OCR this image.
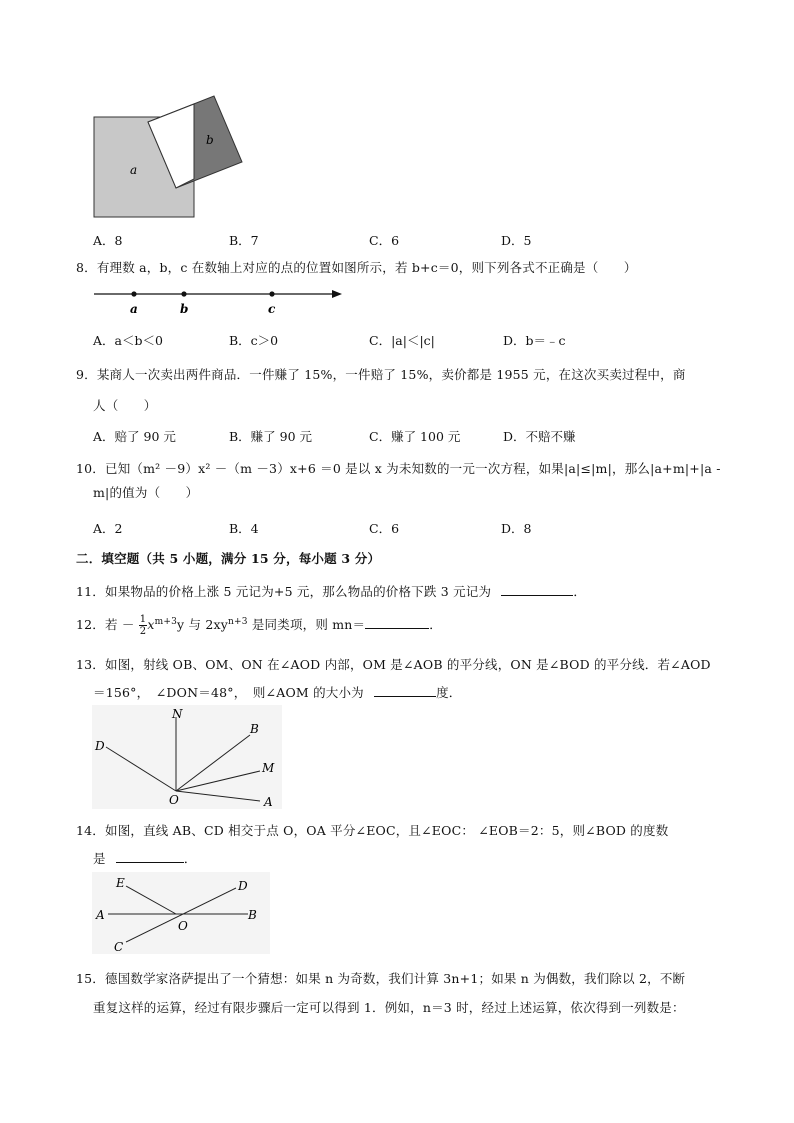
a
b
A．8	B．7	C．6	D．5
8．有理数 a，b，c 在数轴上对应的点的位置如图所示，若 b+c＝0，则下列各式不正确是（　　）
a	b	c
A．a＜b＜0	B．c＞0	C．|a|＜|c|	D．b＝﹣c
9．某商人一次卖出两件商品．一件赚了 15%，一件赔了 15%，卖价都是 1955 元，在这次买卖过程中，商
人（　　）
A．赔了 90 元	B．赚了 90 元	C．赚了 100 元	D．不赔不赚
10．已知（m² －9）x² －（m －3）x+6 ＝0 是以 x 为未知数的一元一次方程，如果|a|≤|m|，那么|a+m|+|a -
m|的值为（　　）
A．2	B．4	C．6	D．8
二．填空题（共 5 小题，满分 15 分，每小题 3 分）
11．如果物品的价格上涨 5 元记为+5 元，那么物品的价格下跌 3 元记为	．
12．若 － $\frac{1}{2} x^{m+3}y$ 与 $2xy^{n+3}$ 是同类项，则 mn＝	．
13．如图，射线 OB、OM、ON 在∠AOD 内部，OM 是∠AOB 的平分线，ON 是∠BOD 的平分线．若∠AOD
＝156°，　∠DON＝48°，　则∠AOM 的大小为	度．
N
B
D
M
O	A
14．如图，直线 AB、CD 相交于点 O，OA 平分∠EOC，且∠EOC： ∠EOB＝2：5，则∠BOD 的度数
是	．
E	D
A
O
B
C
15．德国数学家洛萨提出了一个猜想：如果 n 为奇数，我们计算 3n+1；如果 n 为偶数，我们除以 2，不断
重复这样的运算，经过有限步骤后一定可以得到 1．例如，n＝3 时，经过上述运算，依次得到一列数是：
